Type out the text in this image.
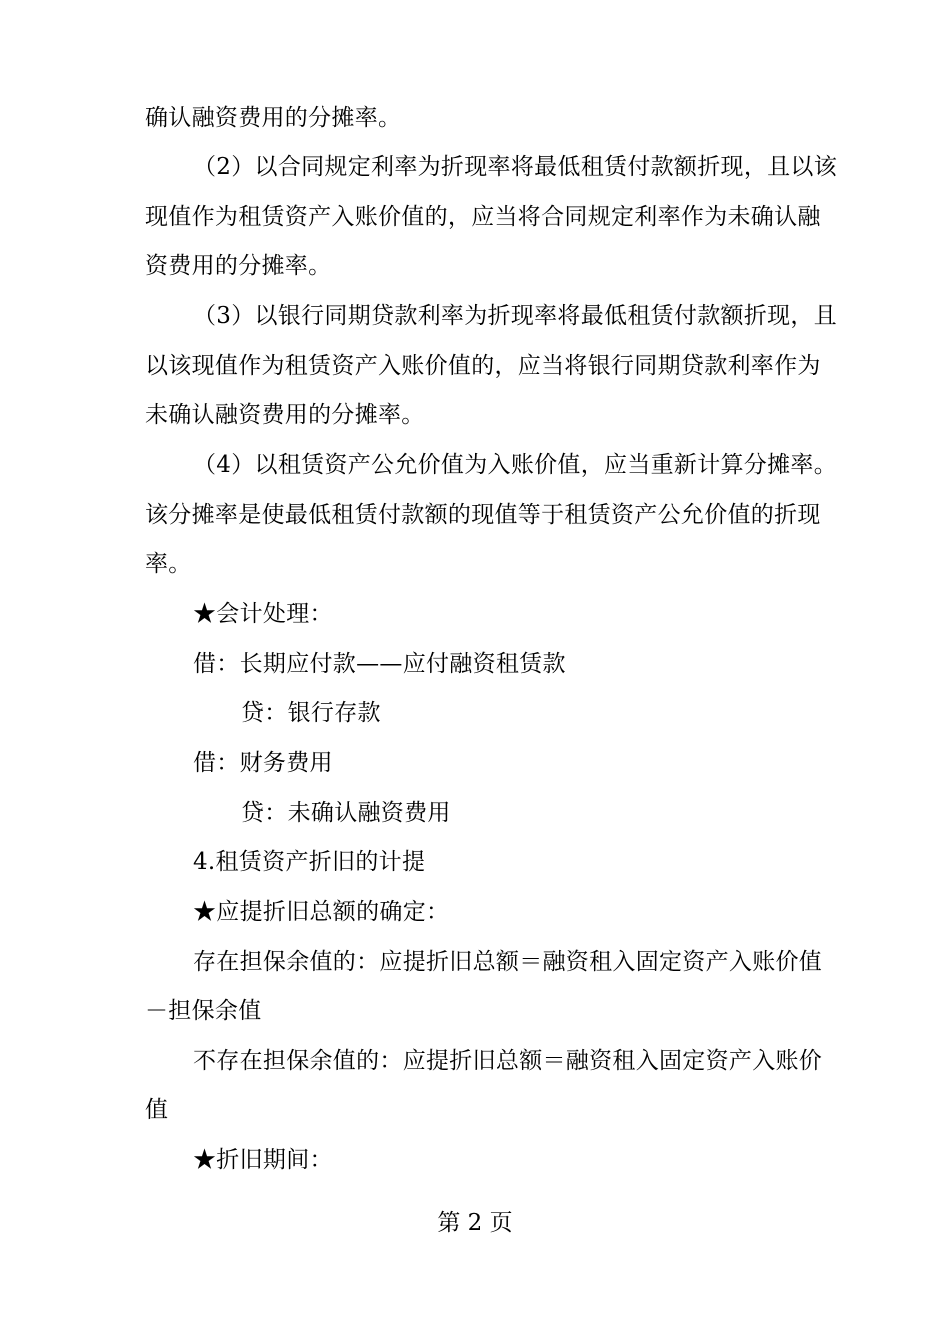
确认融资费用的分摊率。
（2）以合同规定利率为折现率将最低租赁付款额折现，且以该
现值作为租赁资产入账价值的，应当将合同规定利率作为未确认融
资费用的分摊率。
（3）以银行同期贷款利率为折现率将最低租赁付款额折现，且
以该现值作为租赁资产入账价值的，应当将银行同期贷款利率作为
未确认融资费用的分摊率。
（4）以租赁资产公允价值为入账价值，应当重新计算分摊率。
该分摊率是使最低租赁付款额的现值等于租赁资产公允价值的折现
率。
★会计处理：
借：长期应付款——应付融资租赁款
贷：银行存款
借：财务费用
贷：未确认融资费用
4.租赁资产折旧的计提
★应提折旧总额的确定：
存在担保余值的：应提折旧总额＝融资租入固定资产入账价值
－担保余值
不存在担保余值的：应提折旧总额＝融资租入固定资产入账价
值
★折旧期间：
第 2 页
